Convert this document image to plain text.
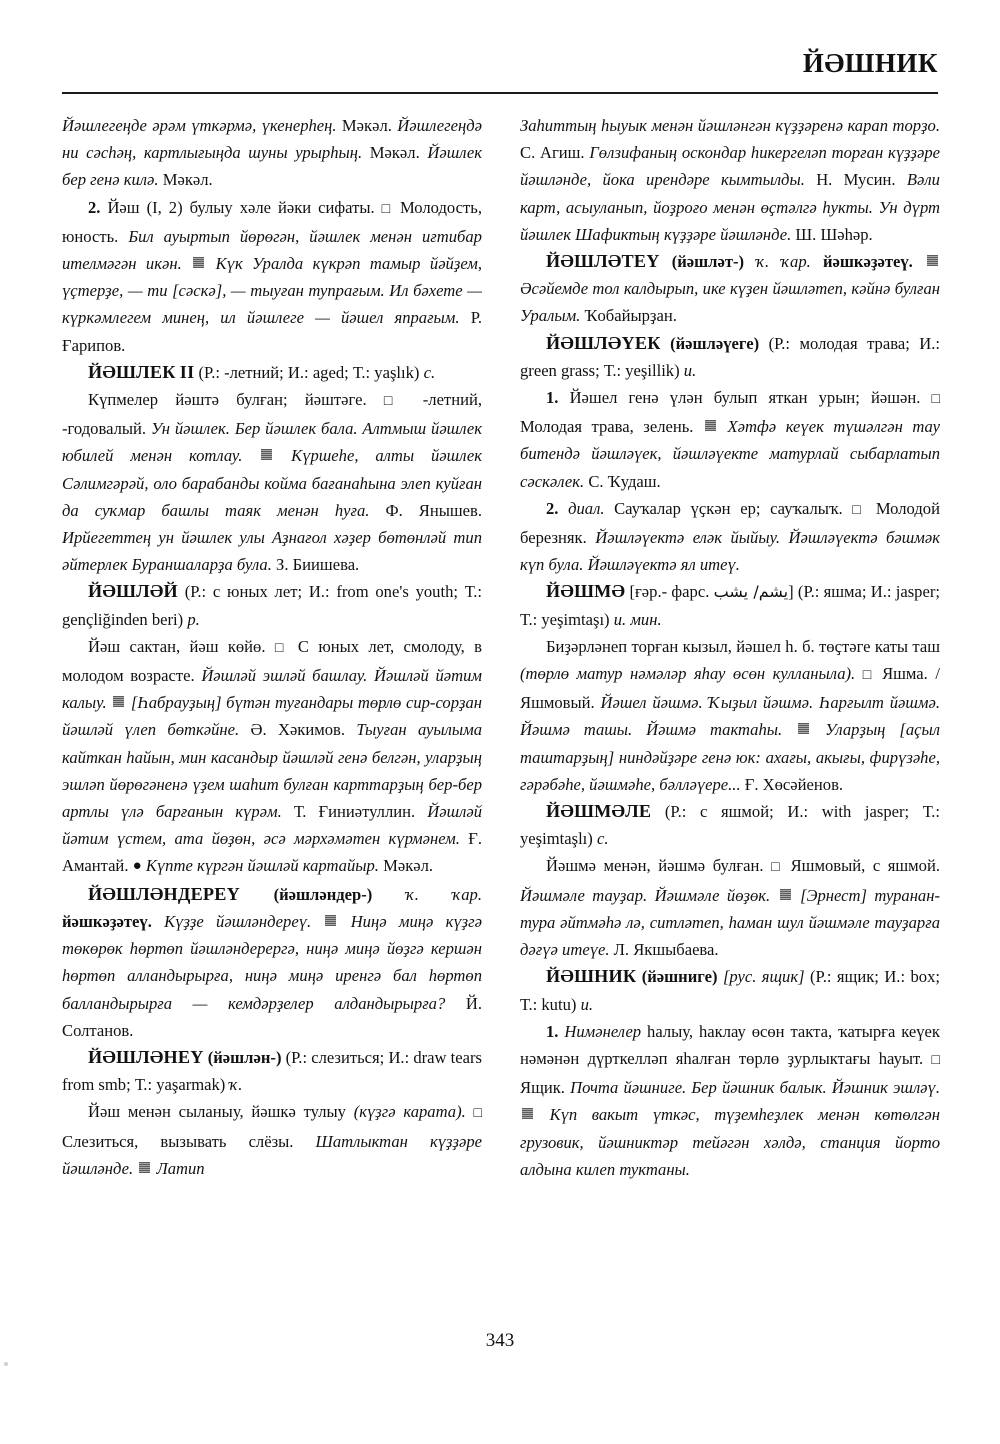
ЙӘШНИК

Йәшлегеңде әрәм үткәрмә, үкенерһең. Мәкәл. Йәшлегеңдә ни сәсһәң, картлығыңда шуны урырһың. Мәкәл. Йәшлек бер генә килә. Мәкәл.

2. Йәш (I, 2) булыу хәле йәки сифаты. □ Молодость, юность. Бил ауыртып йөрөгән, йәшлек менән иғтибар ителмәгән икән. Күк Уралда күкрәп тамыр йәйҙем, үҫтерҙе, — ти [сәскә], — тыуған тупрағым. Ил бәхете — күркәмлегем минең, ил йәшлеге — йәшел япрағым. Р. Ғарипов.

ЙӘШЛЕК II (Р.: -летний; И.: aged; Т.: yaşlık) с.

Күпмелер йәштә булған; йәштәге. □ -летний, -годовалый. Ун йәшлек. Бер йәшлек бала. Алтмыш йәшлек юбилей менән котлау.	Күршеһе, алты йәшлек Сәлимгәрәй, оло барабанды койма бағанаһына элеп куйған да суҡмар башлы таяк менән һуға. Ф. Янышев. Ирйегеттең ун йәшлек улы Аҙнағол хәҙер бөтөнләй тип әйтерлек Бураншаларҙа була. З. Биишева.

ЙӘШЛӘЙ (Р.: с юных лет; И.: from one's youth; Т.: gençliğinden beri) р.

Йәш сактан, йәш көйө. □ С юных лет, смолоду, в молодом возрасте. Йәшләй эшләй башлау. Йәшләй йәтим калыу. [Һабрауҙың] бүтән туғандары төрлө сир-сорҙан йәшләй үлеп бөткәйне. Ә. Хәкимов. Тыуған ауылыма кайткан һайын, мин касандыр йәшләй генә белгән, уларҙың эшләп йөрөгәненә үҙем шаһит булған карттарҙың бер-бер артлы үлә барғанын күрәм. Т. Ғиниәтуллин. Йәшләй йәтим үстем, ата йөҙөн, әсә мәрхәмәтен күрмәнем. Ғ. Амантай. ● Күпте күргән йәшләй картайыр. Мәкәл.

ЙӘШЛӘНДЕРЕҮ (йәшләндер-) ҡ. ҡар. йәшкәҙәтеү. Күҙҙе йәшләндереү. Ниңә миңә күҙгә төкөрөк һөртөп йәшләндерергә, ниңә миңә йөҙгә кершән һөртөп алландырырға, ниңә миңә иренгә бал һөртөп балландырырға — кемдәрҙелер алдандырырға? Й. Солтанов.

ЙӘШЛӘНЕҮ (йәшлән-) (Р.: слезиться; И.: draw tears from smb; Т.: yaşarmak) ҡ.

Йәш менән сыланыу, йәшкә тулыу (күҙгә карата). □ Слезиться, вызывать слёзы. Шатлыктан күҙҙәре йәшләнде. Латип

Заһиттың һыуык менән йәшләнгән күҙҙәренә карап торҙо. С. Агиш. Гөлзифаның оскондар һикергеләп торған күҙҙәре йәшләнде, йока ирендәре кымтылды. Н. Мусин. Вәли карт, асыуланып, йоҙроғо менән өҫтәлгә һукты. Ун дүрт йәшлек Шафиктың күҙҙәре йәшләнде. Ш. Шәһәр.

ЙӘШЛӘТЕҮ (йәшләт-) ҡ. ҡар. йәшкәҙәтеү.  Әсәйемде тол калдырып, ике күҙен йәшләтеп, кәйнә булған Уралым. Ҡобайырҙан.

ЙӘШЛӘҮЕК (йәшләүеге) (Р.: молодая трава; И.: green grass; Т.: yeşillik) и.

1. Йәшел генә үлән булып яткан урын; йәшән. □ Молодая трава, зелень. Хәтфә кеүек түшәлгән тау битендә йәшләүек, йәшләүекте матурлай сыбарлатып сәскәлек. С. Ҡудаш.

2. диал. Сауҡалар үҫкән ер; сауҡалыҡ. □ Молодой березняк. Йәшләүектә еләк йыйыу. Йәшләүектә бәшмәк күп була. Йәшләүектә ял итеү.

ЙӘШМӘ [ғәр.- фарс. يشم/ يشب] (Р.: яшма; И.: jasper; Т.: yeşimtaşı) и. мин.

Биҙәрләнеп торған кызыл, йәшел һ. б. төҫтәге каты таш (төрлө матур нәмәләр яһау өсөн кулланыла). □ Яшма. / Яшмовый. Йәшел йәшмә. Ҡыҙыл йәшмә. Һарғылт йәшмә. Йәшмә ташы. Йәшмә тактаһы.	Уларҙың [açыл таштарҙың] ниндәйҙәре генә юк: ахағы, акығы, фирүзәһе, гәрәбәһе, йәшмәһе, бәлләүере... Ғ. Хөсәйенов.

ЙӘШМӘЛЕ (Р.: с яшмой; И.: with jasper; Т.: yeşimtaşlı) с.

Йәшмә менән, йәшмә булған. □ Яшмовый, с яшмой. Йәшмәле тауҙар. Йәшмәле йөҙөк. [Эрнест] туранан-тура әйтмәһә лә, ситләтеп, һаман шул йәшмәле тауҙарға дәғүә итеүе. Л. Якшыбаева.

ЙӘШНИК (йәшниге) [рус. ящик] (Р.: ящик; И.: box; Т.: kutu) и.

1. Нимәнелер һалыу, һаклау өсөн такта, ҡатырға кеүек нәмәнән дүрткелләп яһалған төрлө ҙурлыктағы һауыт. □ Ящик. Почта йәшниге. Бер йәшник балык. Йәшник эшләү.  Күп вакыт үткәс, түҙемһеҙлек менән көтөлгән грузовик, йәшниктәр тейәгән хәлдә, станция йорто алдына килеп туктаны.

343
